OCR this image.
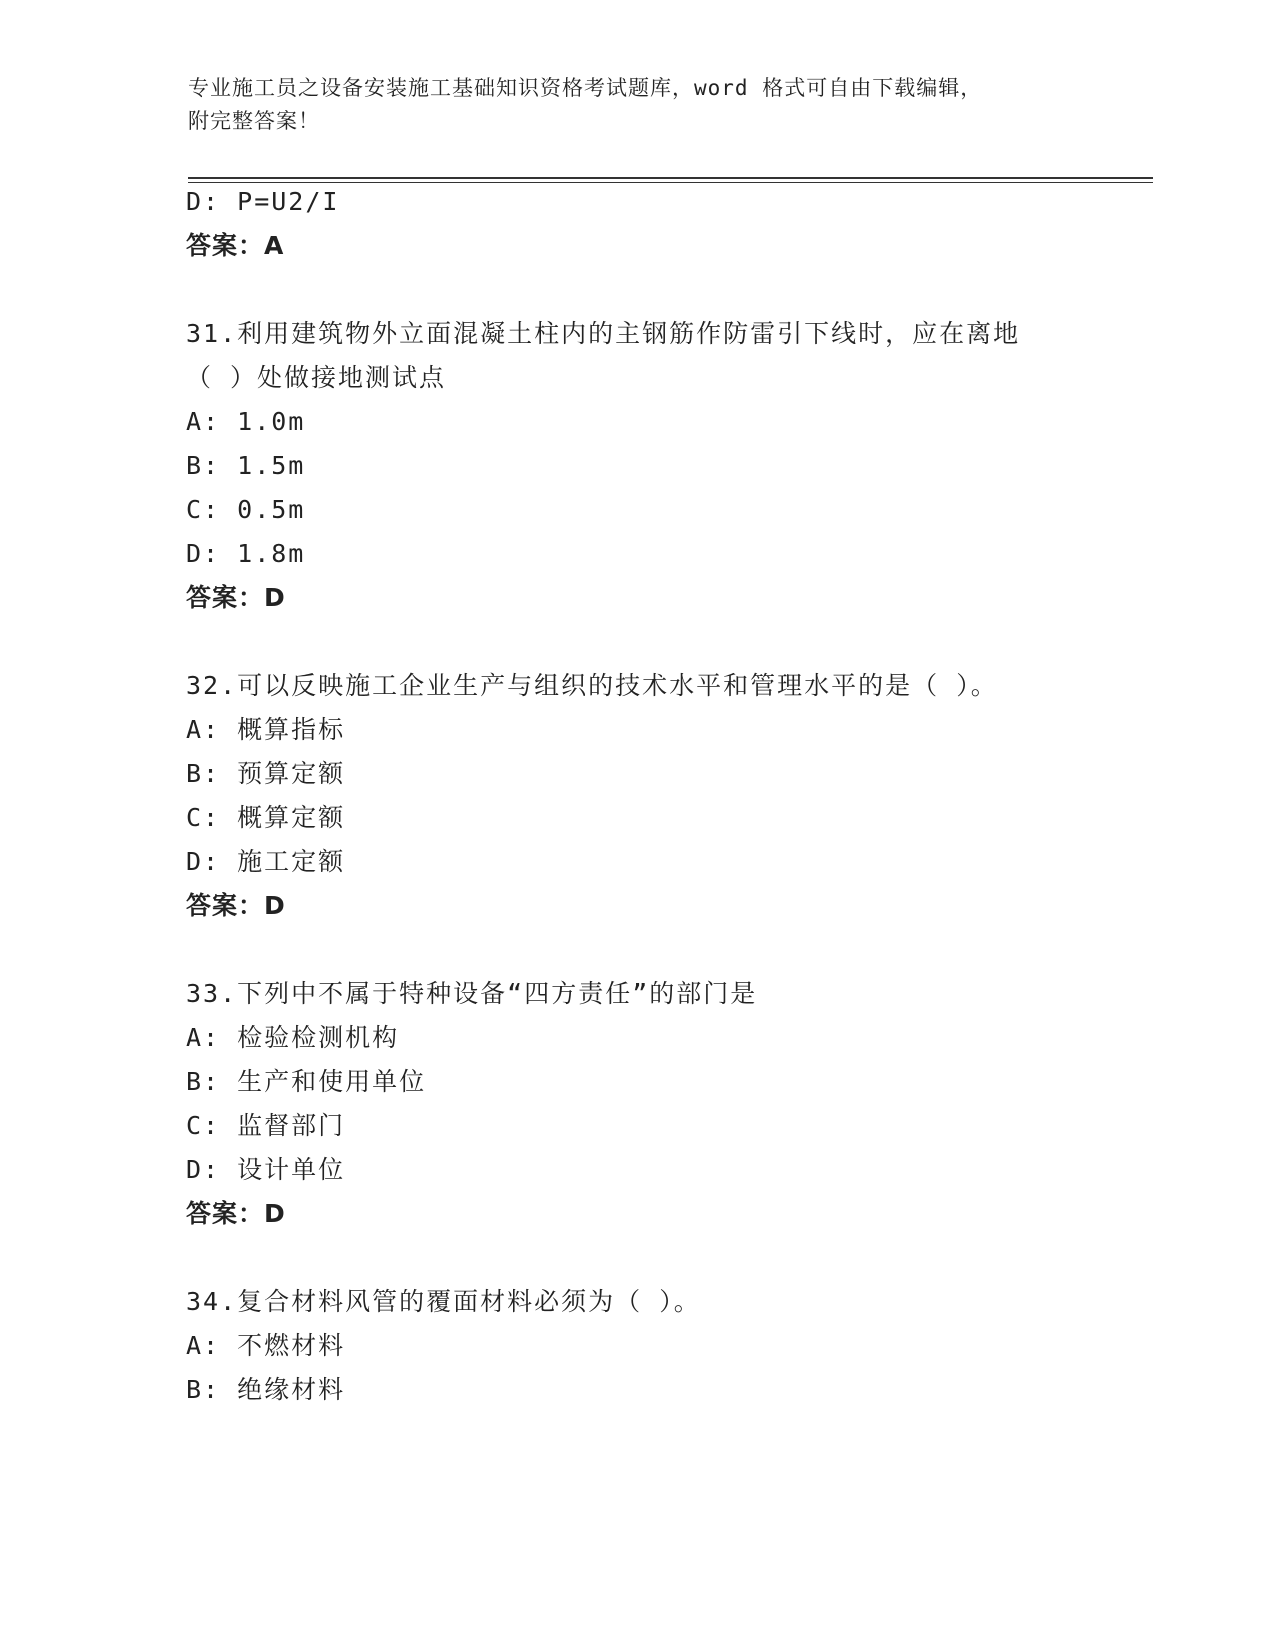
专业施工员之设备安装施工基础知识资格考试题库，word 格式可自由下载编辑，
附完整答案！
D: P=U2/I
答案：A
31.利用建筑物外立面混凝土柱内的主钢筋作防雷引下线时，应在离地
（ ）处做接地测试点
A: 1.0m
B: 1.5m
C: 0.5m
D: 1.8m
答案：D
32.可以反映施工企业生产与组织的技术水平和管理水平的是（ ）。
A: 概算指标
B: 预算定额
C: 概算定额
D: 施工定额
答案：D
33.下列中不属于特种设备“四方责任”的部门是
A: 检验检测机构
B: 生产和使用单位
C: 监督部门
D: 设计单位
答案：D
34.复合材料风管的覆面材料必须为（ ）。
A: 不燃材料
B: 绝缘材料
